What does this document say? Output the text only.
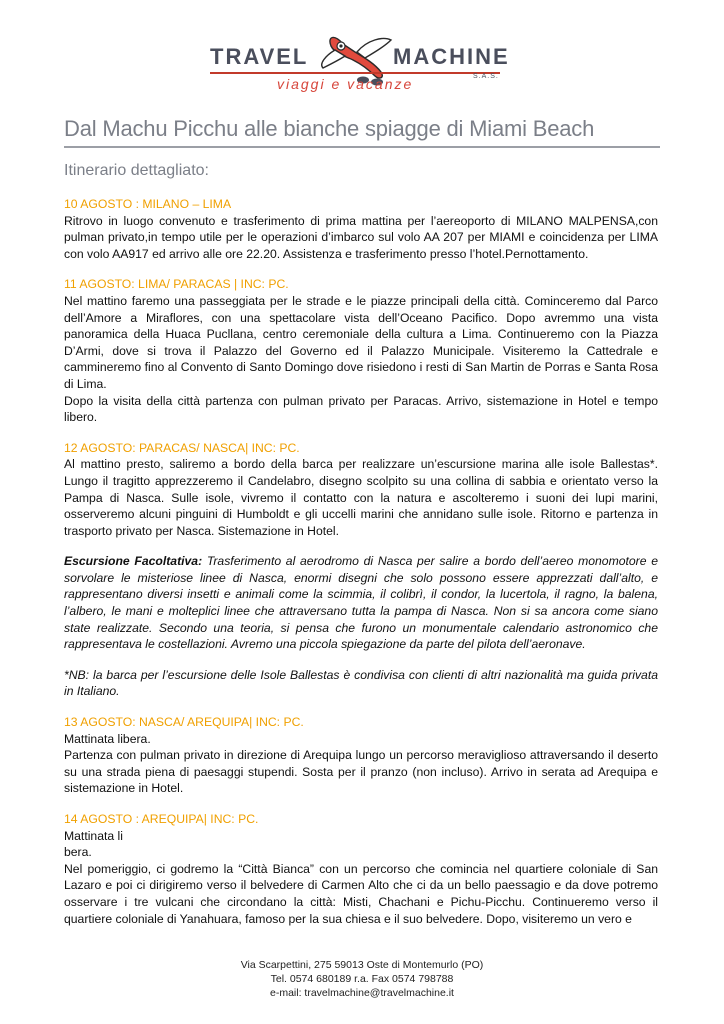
TRAVEL	MACHINE
S.A.S.
viaggi e vacanze
Dal Machu Picchu alle bianche spiagge di Miami Beach
Itinerario dettagliato:

10 AGOSTO : MILANO – LIMA

Ritrovo in luogo convenuto e trasferimento di prima mattina per l’aereoporto di MILANO MALPENSA,con pulman privato,in tempo utile per le operazioni d’imbarco sul volo AA 207 per MIAMI e coincidenza per LIMA con volo AA917 ed arrivo alle ore 22.20. Assistenza e trasferimento presso l’hotel.Pernottamento.

11 AGOSTO: LIMA/ PARACAS | INC: PC.

Nel mattino faremo una passeggiata per le strade e le piazze principali della città. Cominceremo dal Parco dell’Amore a Miraflores, con una spettacolare vista dell’Oceano Pacifico. Dopo avremmo una vista panoramica della Huaca Pucllana, centro ceremoniale della cultura a Lima. Continueremo con la Piazza D’Armi, dove si trova il Palazzo del Governo ed il Palazzo Municipale. Visiteremo la Cattedrale e cammineremo fino al Convento di Santo Domingo dove risiedono i resti di San Martin de Porras e Santa Rosa di Lima.

Dopo la visita della città partenza con pulman privato per Paracas. Arrivo, sistemazione in Hotel e tempo libero.

12 AGOSTO: PARACAS/ NASCA| INC: PC.

Al mattino presto, saliremo a bordo della barca per realizzare un’escursione marina alle isole Ballestas*. Lungo il tragitto apprezzeremo il Candelabro, disegno scolpito su una collina di sabbia e orientato verso la Pampa di Nasca. Sulle isole, vivremo il contatto con la natura e ascolteremo i suoni dei lupi marini, osserveremo alcuni pinguini di Humboldt e gli uccelli marini che annidano sulle isole. Ritorno e partenza in trasporto privato per Nasca. Sistemazione in Hotel.

Escursione Facoltativa: Trasferimento al aerodromo di Nasca per salire a bordo dell’aereo monomotore e sorvolare le misteriose linee di Nasca, enormi disegni che solo possono essere apprezzati dall’alto, e rappresentano diversi insetti e animali come la scimmia, il colibrì, il condor, la lucertola, il ragno, la balena, l’albero, le mani e molteplici linee che attraversano tutta la pampa di Nasca. Non si sa ancora come siano state realizzate. Secondo una teoria, si pensa che furono un monumentale calendario astronomico che rappresentava le costellazioni. Avremo una piccola spiegazione da parte del pilota dell’aeronave.

*NB: la barca per l’escursione delle Isole Ballestas è condivisa con clienti di altri nazionalità ma guida privata in Italiano.

13 AGOSTO: NASCA/ AREQUIPA| INC: PC.

Mattinata libera.

Partenza con pulman privato in direzione di Arequipa lungo un percorso meraviglioso attraversando il deserto su una strada piena di paesaggi stupendi. Sosta per il pranzo (non incluso). Arrivo in serata ad Arequipa e sistemazione in Hotel.

14 AGOSTO : AREQUIPA| INC: PC.

Mattinata li

bera.

Nel pomeriggio, ci godremo la “Città Bianca” con un percorso che comincia nel quartiere coloniale di San Lazaro e poi ci dirigiremo verso il belvedere di Carmen Alto che ci da un bello paessagio e da dove potremo osservare i tre vulcani che circondano la città: Misti, Chachani e Pichu-Picchu. Continueremo verso il quartiere coloniale di Yanahuara, famoso per la sua chiesa e il suo belvedere. Dopo, visiteremo un vero e

Via Scarpettini, 275 59013 Oste di Montemurlo (PO)
Tel. 0574 680189 r.a. Fax 0574 798788
e-mail: travelmachine@travelmachine.it
